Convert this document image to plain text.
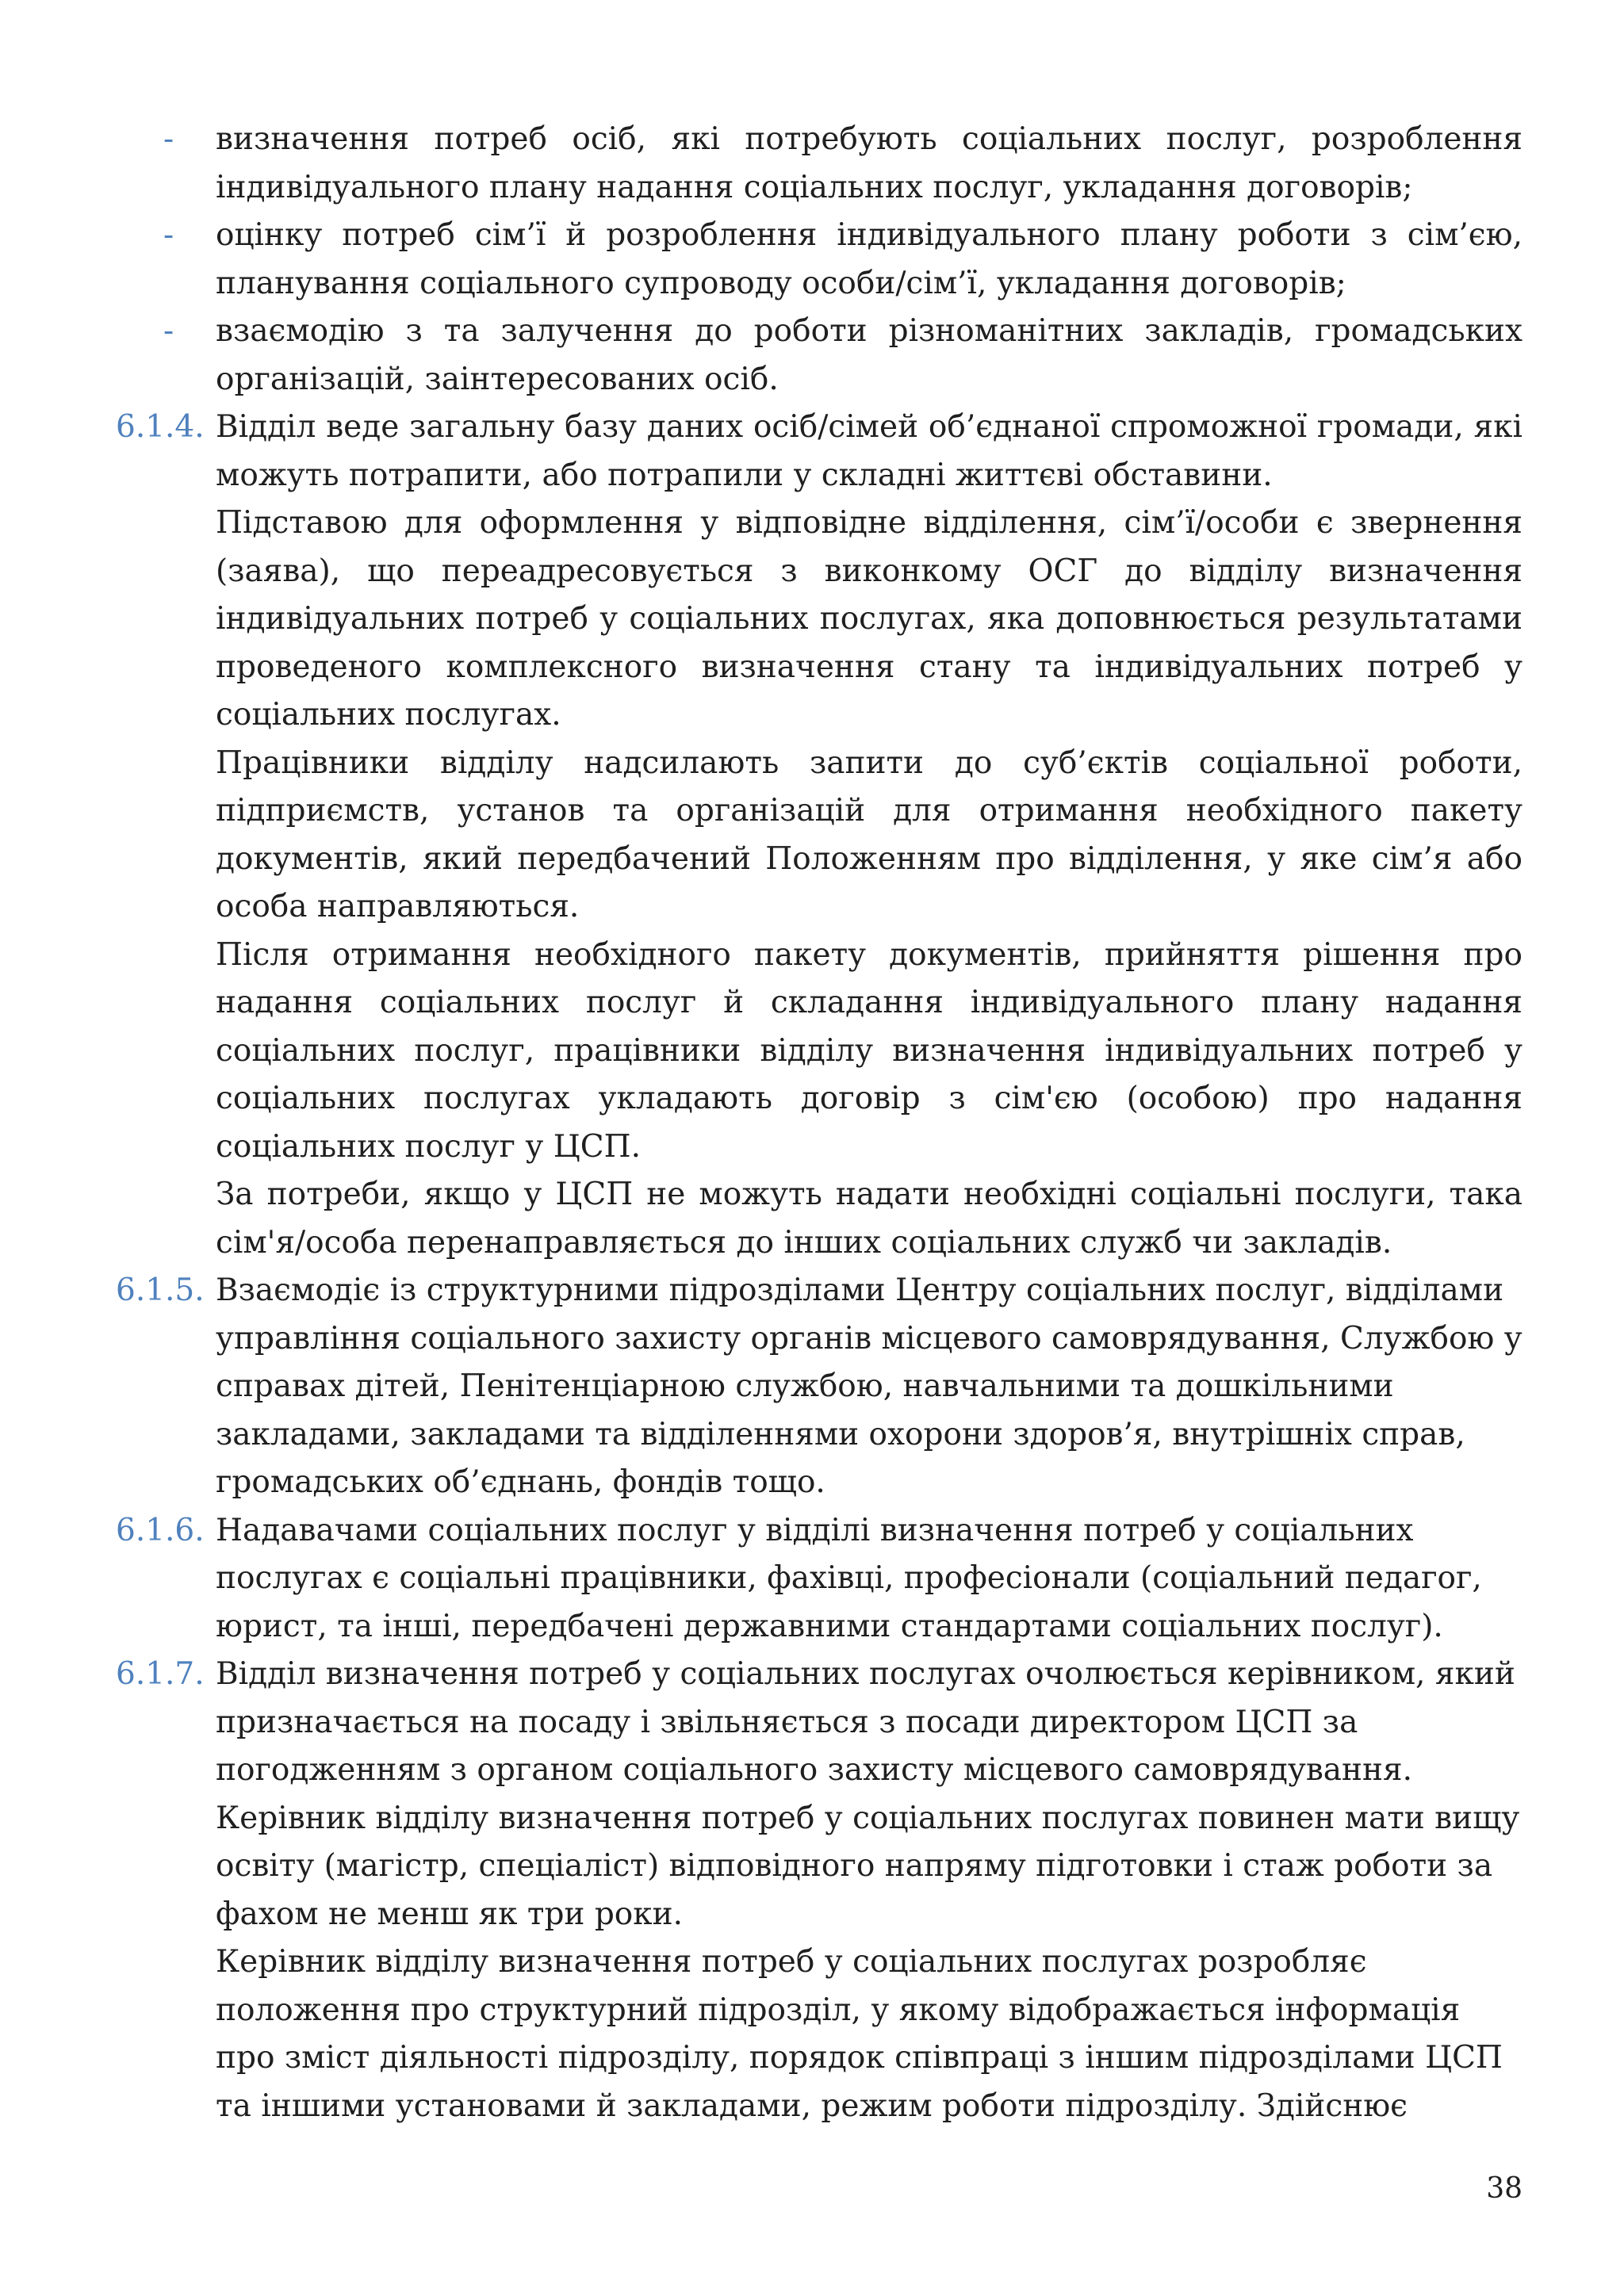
- визначення потреб осіб, які потребують соціальних послуг, розроблення індивідуального плану надання соціальних послуг, укладання договорів;
- оцінку потреб сім’ї й розроблення індивідуального плану роботи з сім’єю, планування соціального супроводу особи/сім’ї, укладання договорів;
- взаємодію з та залучення до роботи різноманітних закладів, громадських організацій, заінтересованих осіб.
6.1.4. Відділ веде загальну базу даних осіб/сімей об’єднаної спроможної громади, які можуть потрапити, або потрапили у складні життєві обставини.
Підставою для оформлення у відповідне відділення, сім’ї/особи є звернення (заява), що переадресовується з виконкому ОСГ до відділу визначення індивідуальних потреб у соціальних послугах, яка доповнюється результатами проведеного комплексного визначення стану та індивідуальних потреб у соціальних послугах.
Працівники відділу надсилають запити до суб’єктів соціальної роботи, підприємств, установ та організацій для отримання необхідного пакету документів, який передбачений Положенням про відділення, у яке сім’я або особа направляються.
Після отримання необхідного пакету документів, прийняття рішення про надання соціальних послуг й складання індивідуального плану надання соціальних послуг, працівники відділу визначення індивідуальних потреб у соціальних послугах укладають договір з сім'єю (особою) про надання соціальних послуг у ЦСП.
За потреби, якщо у ЦСП не можуть надати необхідні соціальні послуги, така сім'я/особа перенаправляється до інших соціальних служб чи закладів.
6.1.5. Взаємодіє із структурними підрозділами Центру соціальних послуг, відділами управління соціального захисту органів місцевого самоврядування, Службою у справах дітей, Пенітенціарною службою, навчальними та дошкільними закладами, закладами та відділеннями охорони здоров’я, внутрішніх справ, громадських об’єднань, фондів тощо.
6.1.6. Надавачами соціальних послуг у відділі визначення потреб у соціальних послугах є соціальні працівники, фахівці, професіонали (соціальний педагог, юрист, та інші, передбачені державними стандартами соціальних послуг).
6.1.7. Відділ визначення потреб у соціальних послугах очолюється керівником, який призначається на посаду і звільняється з посади директором ЦСП за погодженням з органом соціального захисту місцевого самоврядування.
Керівник відділу визначення потреб у соціальних послугах повинен мати вищу освіту (магістр, спеціаліст) відповідного напряму підготовки і стаж роботи за фахом не менш як три роки.
Керівник відділу визначення потреб у соціальних послугах розробляє положення про структурний підрозділ, у якому відображається інформація про зміст діяльності підрозділу, порядок співпраці з іншим підрозділами ЦСП та іншими установами й закладами, режим роботи підрозділу. Здійснює
38
